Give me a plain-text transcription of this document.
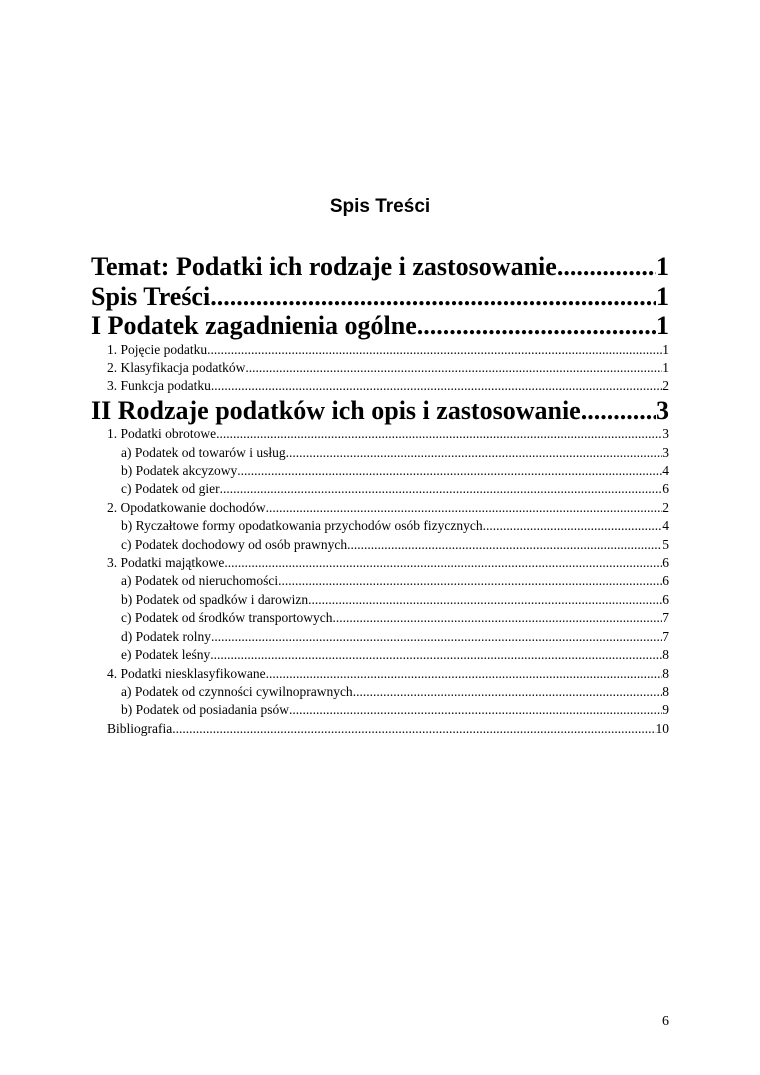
Spis Treści
Temat: Podatki ich rodzaje i zastosowanie .....	1
Spis Treści .....	1
I Podatek zagadnienia ogólne .....	1
1. Pojęcie podatku .....	1
2. Klasyfikacja podatków .....	1
3. Funkcja podatku .....	2
II Rodzaje podatków ich opis i zastosowanie .....	3
1. Podatki obrotowe .....	3
a) Podatek od towarów i usług .....	3
b) Podatek akcyzowy .....	4
c) Podatek od gier .....	6
2. Opodatkowanie dochodów .....	2
b) Ryczałtowe formy opodatkowania przychodów osób fizycznych .....	4
c) Podatek dochodowy od osób prawnych .....	5
3. Podatki majątkowe .....	6
a) Podatek od nieruchomości .....	6
b) Podatek od spadków i darowizn .....	6
c) Podatek od środków transportowych .....	7
d) Podatek rolny .....	7
e) Podatek leśny .....	8
4. Podatki niesklasyfikowane .....	8
a) Podatek od czynności cywilnoprawnych .....	8
b) Podatek od posiadania psów .....	9
Bibliografia .....	10
6
